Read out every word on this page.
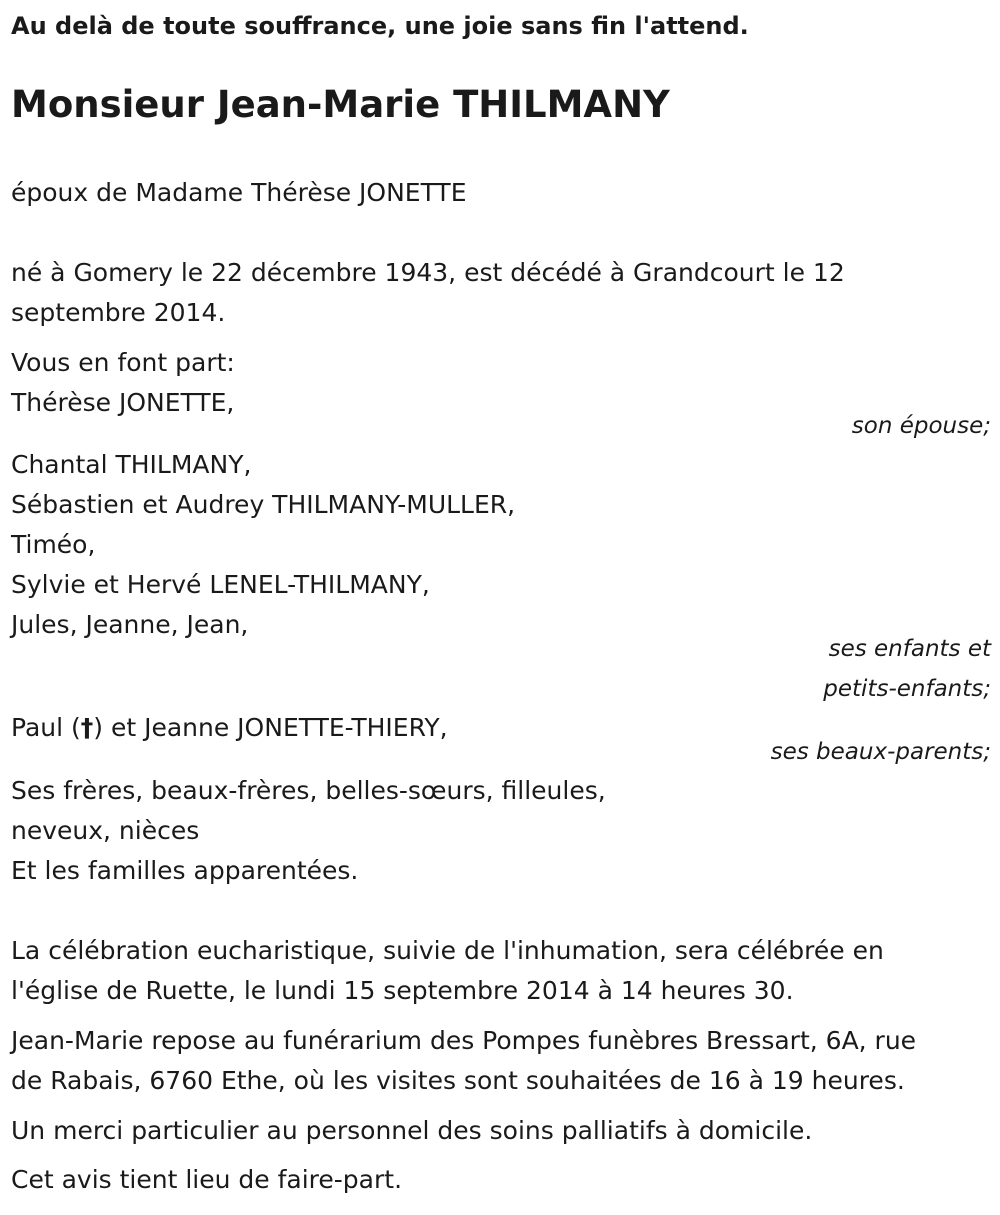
Au delà de toute souffrance, une joie sans fin l'attend.
Monsieur Jean-Marie THILMANY
époux de Madame Thérèse JONETTE
né à Gomery le 22 décembre 1943, est décédé à Grandcourt le 12
septembre 2014.
Vous en font part:
Thérèse JONETTE,
son épouse;
Chantal THILMANY,
Sébastien et Audrey THILMANY-MULLER,
Timéo,
Sylvie et Hervé LENEL-THILMANY,
Jules, Jeanne, Jean,
ses enfants et
petits-enfants;
Paul (†) et Jeanne JONETTE-THIERY,
ses beaux-parents;
Ses frères, beaux-frères, belles-sœurs, filleules,
neveux, nièces
Et les familles apparentées.
La célébration eucharistique, suivie de l'inhumation, sera célébrée en
l'église de Ruette, le lundi 15 septembre 2014 à 14 heures 30.
Jean-Marie repose au funérarium des Pompes funèbres Bressart, 6A, rue
de Rabais, 6760 Ethe, où les visites sont souhaitées de 16 à 19 heures.
Un merci particulier au personnel des soins palliatifs à domicile.
Cet avis tient lieu de faire-part.
